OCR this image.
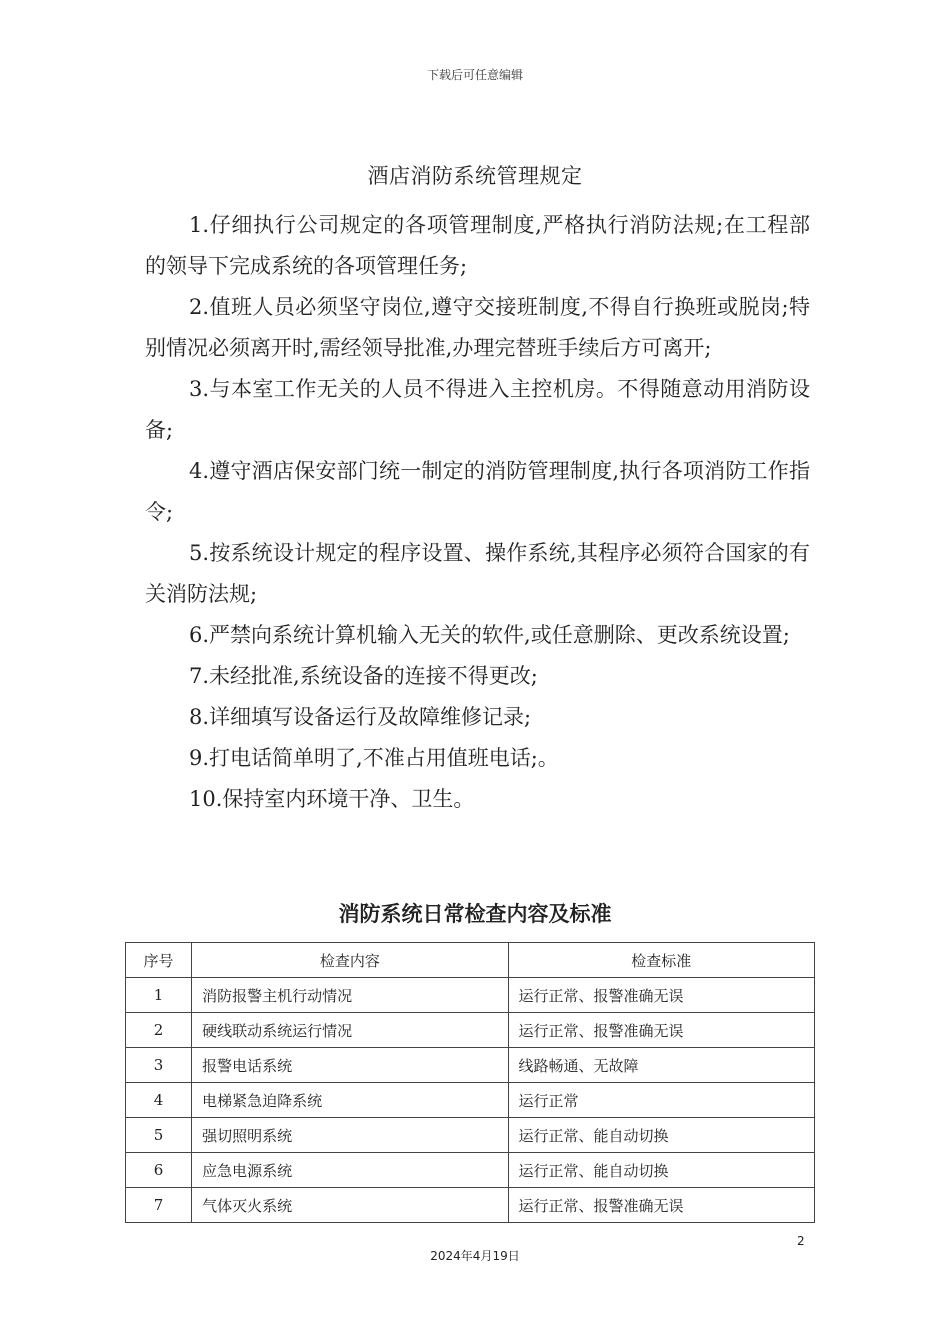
下载后可任意编辑
酒店消防系统管理规定

1.仔细执行公司规定的各项管理制度,严格执行消防法规;在工程部的领导下完成系统的各项管理任务;

2.值班人员必须坚守岗位,遵守交接班制度,不得自行换班或脱岗;特别情况必须离开时,需经领导批准,办理完替班手续后方可离开;

3.与本室工作无关的人员不得进入主控机房。不得随意动用消防设备;

4.遵守酒店保安部门统一制定的消防管理制度,执行各项消防工作指令;

5.按系统设计规定的程序设置、操作系统,其程序必须符合国家的有关消防法规;

6.严禁向系统计算机输入无关的软件,或任意删除、更改系统设置;

7.未经批准,系统设备的连接不得更改;

8.详细填写设备运行及故障维修记录;

9.打电话简单明了,不准占用值班电话;。

10.保持室内环境干净、卫生。

消防系统日常检查内容及标准
序号	检查内容	检查标准
1	消防报警主机行动情况	运行正常、报警准确无误
2	硬线联动系统运行情况	运行正常、报警准确无误
3	报警电话系统	线路畅通、无故障
4	电梯紧急迫降系统	运行正常
5	强切照明系统	运行正常、能自动切换
6	应急电源系统	运行正常、能自动切换
7	气体灭火系统	运行正常、报警准确无误
2
2024年4月19日
